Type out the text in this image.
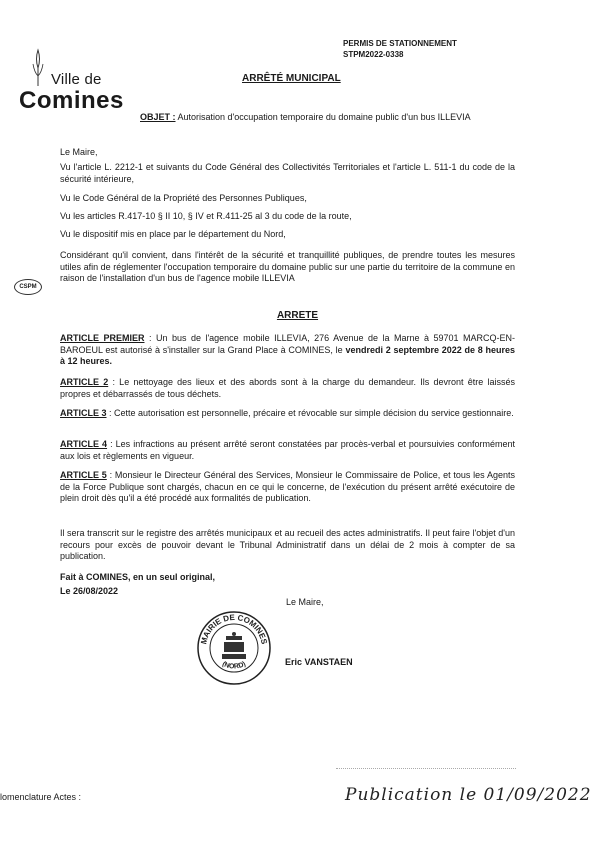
Ville de
Comines
PERMIS DE STATIONNEMENT
STPM2022-0338
ARRÊTÉ MUNICIPAL
OBJET : Autorisation d'occupation temporaire du domaine public d'un bus ILLEVIA
Le Maire,
Vu l'article L. 2212-1 et suivants du Code Général des Collectivités Territoriales et l'article L. 511-1 du code de la sécurité intérieure,
Vu le Code Général de la Propriété des Personnes Publiques,
Vu les articles R.417-10 § II 10, § IV et R.411-25 al 3 du code de la route,
Vu le dispositif mis en place par le département du Nord,
Considérant qu'il convient, dans l'intérêt de la sécurité et tranquillité publiques, de prendre toutes les mesures utiles afin de réglementer l'occupation temporaire du domaine public sur une partie du territoire de la commune en raison de l'installation d'un bus de l'agence mobile ILLEVIA
CSPM
ARRETE
ARTICLE PREMIER : Un bus de l'agence mobile ILLEVIA, 276 Avenue de la Marne à 59701 MARCQ-EN-BAROEUL est autorisé à s'installer sur la Grand Place à COMINES, le vendredi 2 septembre 2022 de 8 heures à 12 heures.
ARTICLE 2 : Le nettoyage des lieux et des abords sont à la charge du demandeur. Ils devront être laissés propres et débarrassés de tous déchets.
ARTICLE 3 : Cette autorisation est personnelle, précaire et révocable sur simple décision du service gestionnaire.
ARTICLE 4 : Les infractions au présent arrêté seront constatées par procès-verbal et poursuivies conformément aux lois et règlements en vigueur.
ARTICLE 5 : Monsieur le Directeur Général des Services, Monsieur le Commissaire de Police, et tous les Agents de la Force Publique sont chargés, chacun en ce qui le concerne, de l'exécution du présent arrêté exécutoire de plein droit dès qu'il a été procédé aux formalités de publication.
Il sera transcrit sur le registre des arrêtés municipaux et au recueil des actes administratifs. Il peut faire l'objet d'un recours pour excès de pouvoir devant le Tribunal Administratif dans un délai de 2 mois à compter de sa publication.
Fait à COMINES, en un seul original,
Le 26/08/2022
Le Maire,
MAIRIE DE COMINES
(NORD)	Eric VANSTAEN
lomenclature Actes :	Publication le 01/09/2022
